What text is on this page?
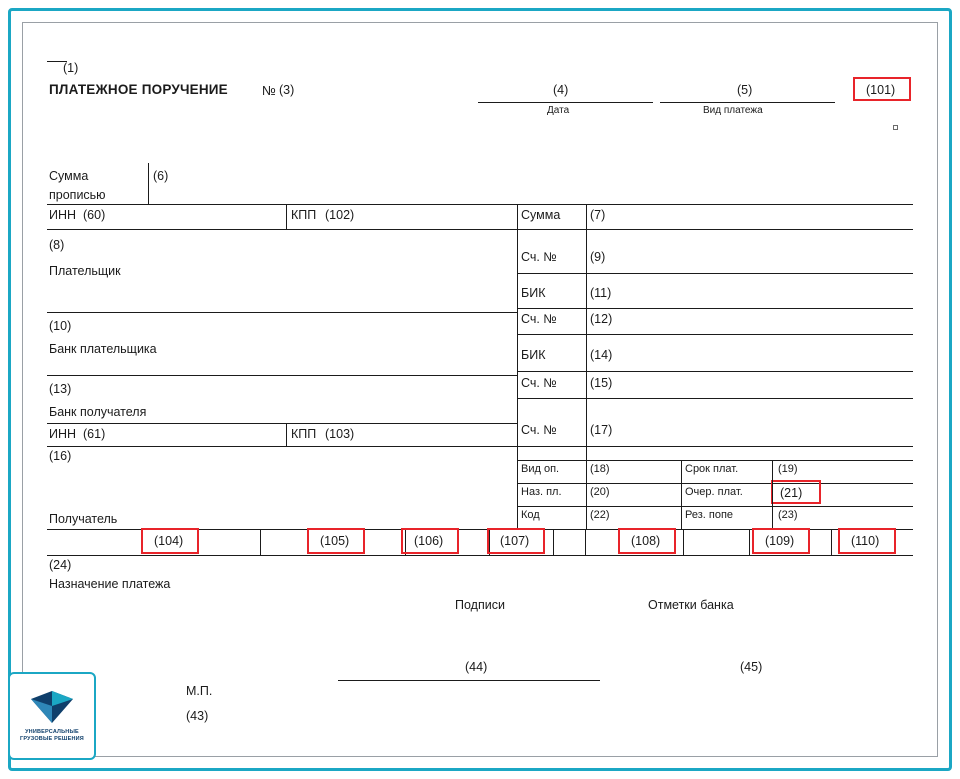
(1)
ПЛАТЕЖНОЕ ПОРУЧЕНИЕ	№ (3)	(4)
Дата
(5)
Вид платежа
(101)
Сумма
прописью
(6)
ИНН (60)	КПП (102)	Сумма (7)
(8)
Плательщик
Сч. №	(9)
БИК	(11)
Сч. №	(12)
(10)
Банк плательщика	БИК	(14)
Сч. №	(15)
(13)
Банк получателя
ИНН (61)	КПП (103)	Сч. №	(17)
(16)
Вид оп.	(18)	Срок плат.	(19)
Наз. пл.	(20)	Очер. плат.	(21)
Код	(22)	Рез. попе	(23)
Получатель
(104)	(105)	(106)	(107)	(108)	(109)	(110)
(24)
Назначение платежа
Подписи	Отметки банка
(44)	(45)
М.П.
(43)
УНИВЕРСАЛЬНЫЕ
ГРУЗОВЫЕ РЕШЕНИЯ
